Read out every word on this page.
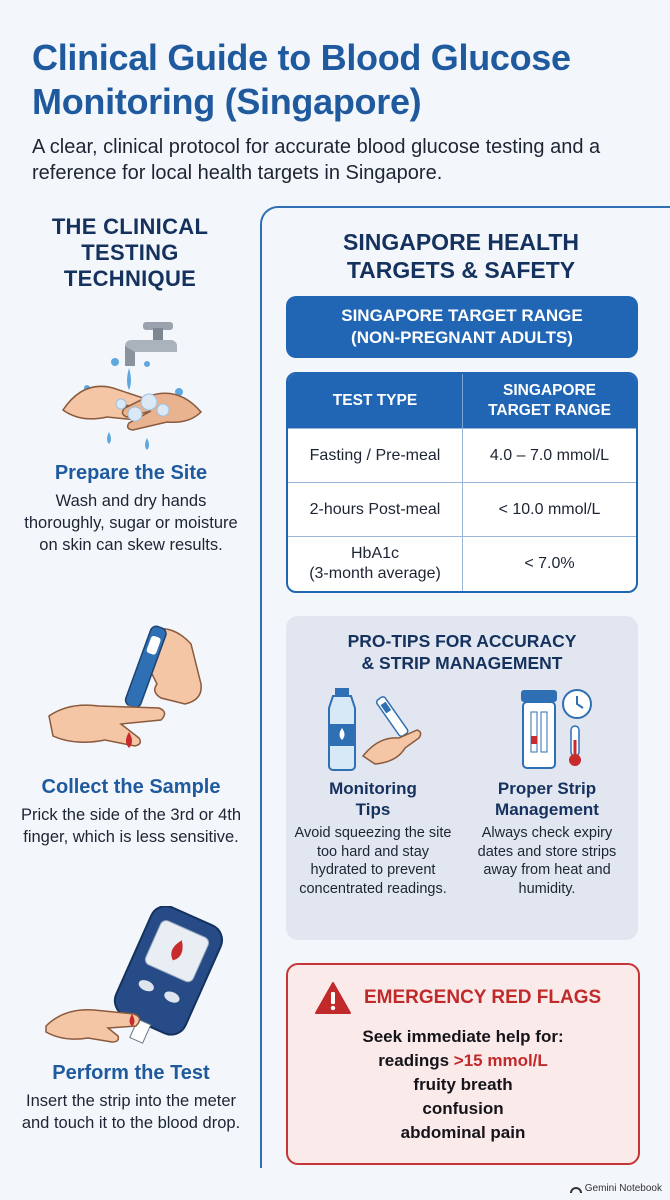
Clinical Guide to Blood Glucose Monitoring (Singapore)
A clear, clinical protocol for accurate blood glucose testing and a reference for local health targets in Singapore.
THE CLINICAL TESTING TECHNIQUE
Prepare the Site
Wash and dry hands thoroughly, sugar or moisture on skin can skew results.
Collect the Sample
Prick the side of the 3rd or 4th finger, which is less sensitive.
Perform the Test
Insert the strip into the meter and touch it to the blood drop.
SINGAPORE HEALTH TARGETS & SAFETY
SINGAPORE TARGET RANGE
(NON-PREGNANT ADULTS)
TEST TYPE	SINGAPORE
TARGET RANGE
Fasting / Pre-meal	4.0 – 7.0 mmol/L
2-hours Post-meal	< 10.0 mmol/L
HbA1c
(3-month average)	< 7.0%
PRO-TIPS FOR ACCURACY
& STRIP MANAGEMENT
Monitoring
Tips
Avoid squeezing the site too hard and stay hydrated to prevent concentrated readings.
Proper Strip
Management
Always check expiry dates and store strips away from heat and humidity.
EMERGENCY RED FLAGS
Seek immediate help for:
readings >15 mmol/L
fruity breath
confusion
abdominal pain
Gemini Notebook
